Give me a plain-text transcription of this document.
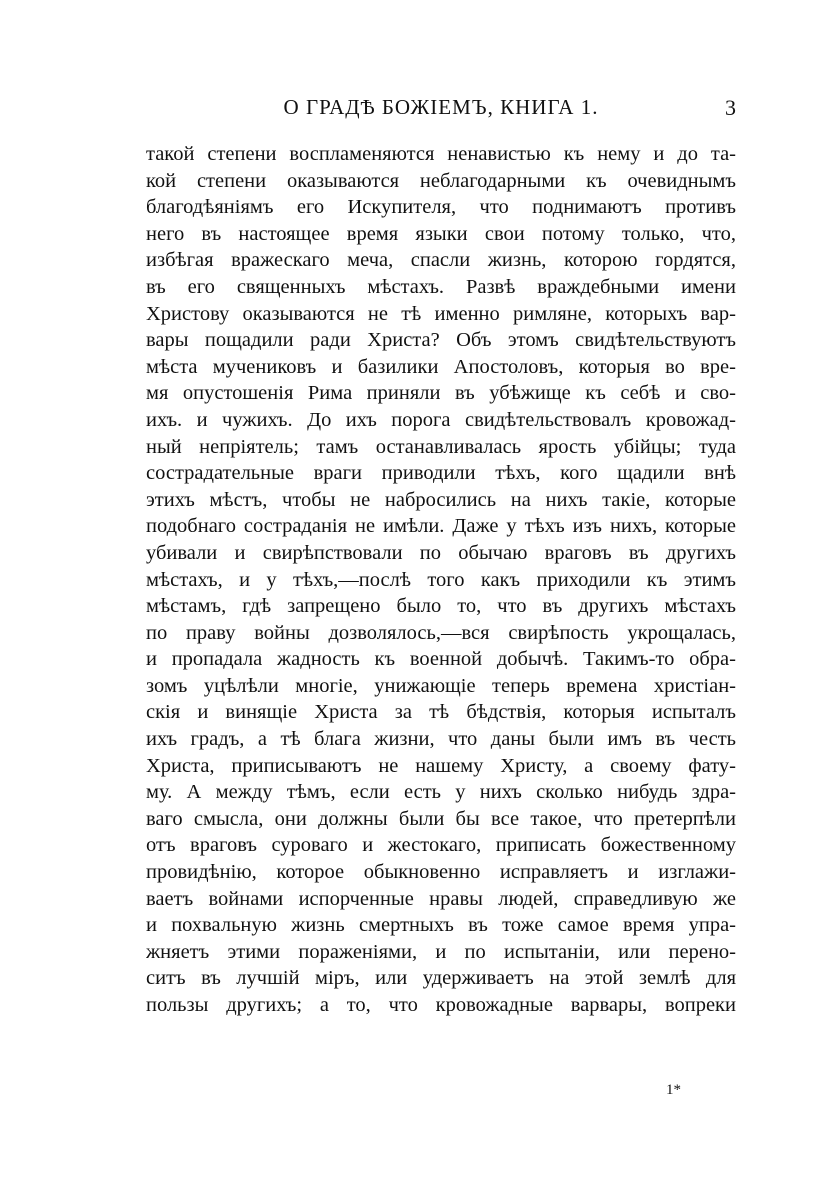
О ГРАДѢ БОЖІЕМЪ, КНИГА 1.	3
такой степени воспламеняются ненавистью къ нему и до та-
кой степени оказываются неблагодарными къ очевиднымъ
благодѣяніямъ его Искупителя, что поднимаютъ противъ
него въ настоящее время языки свои потому только, что,
избѣгая вражескаго меча, спасли жизнь, которою гордятся,
въ его священныхъ мѣстахъ. Развѣ враждебными имени
Христову оказываются не тѣ именно римляне, которыхъ вар-
вары пощадили ради Христа? Объ этомъ свидѣтельствуютъ
мѣста мучениковъ и базилики Апостоловъ, которыя во вре-
мя опустошенія Рима приняли въ убѣжище къ себѣ и сво-
ихъ. и чужихъ. До ихъ порога свидѣтельствовалъ кровожад-
ный непріятель; тамъ останавливалась ярость убійцы; туда
сострадательные враги приводили тѣхъ, кого щадили внѣ
этихъ мѣстъ, чтобы не набросились на нихъ такіе, которые
подобнаго состраданія не имѣли. Даже у тѣхъ изъ нихъ, которые
убивали и свирѣпствовали по обычаю враговъ въ другихъ
мѣстахъ, и у тѣхъ,—послѣ того какъ приходили къ этимъ
мѣстамъ, гдѣ запрещено было то, что въ другихъ мѣстахъ
по праву войны дозволялось,—вся свирѣпость укрощалась,
и пропадала жадность къ военной добычѣ. Такимъ-то обра-
зомъ уцѣлѣли многіе, унижающіе теперь времена христіан-
скія и винящіе Христа за тѣ бѣдствія, которыя испыталъ
ихъ градъ, а тѣ блага жизни, что даны были имъ въ честь
Христа, приписываютъ не нашему Христу, а своему фату-
му. А между тѣмъ, если есть у нихъ сколько нибудь здра-
ваго смысла, они должны были бы все такое, что претерпѣли
отъ враговъ суроваго и жестокаго, приписать божественному
провидѣнію, которое обыкновенно исправляетъ и изглажи-
ваетъ войнами испорченные нравы людей, справедливую же
и похвальную жизнь смертныхъ въ тоже самое время упра-
жняетъ этими пораженіями, и по испытаніи, или перено-
ситъ въ лучшій міръ, или удерживаетъ на этой землѣ для
пользы другихъ; а то, что кровожадные варвары, вопреки
1*
